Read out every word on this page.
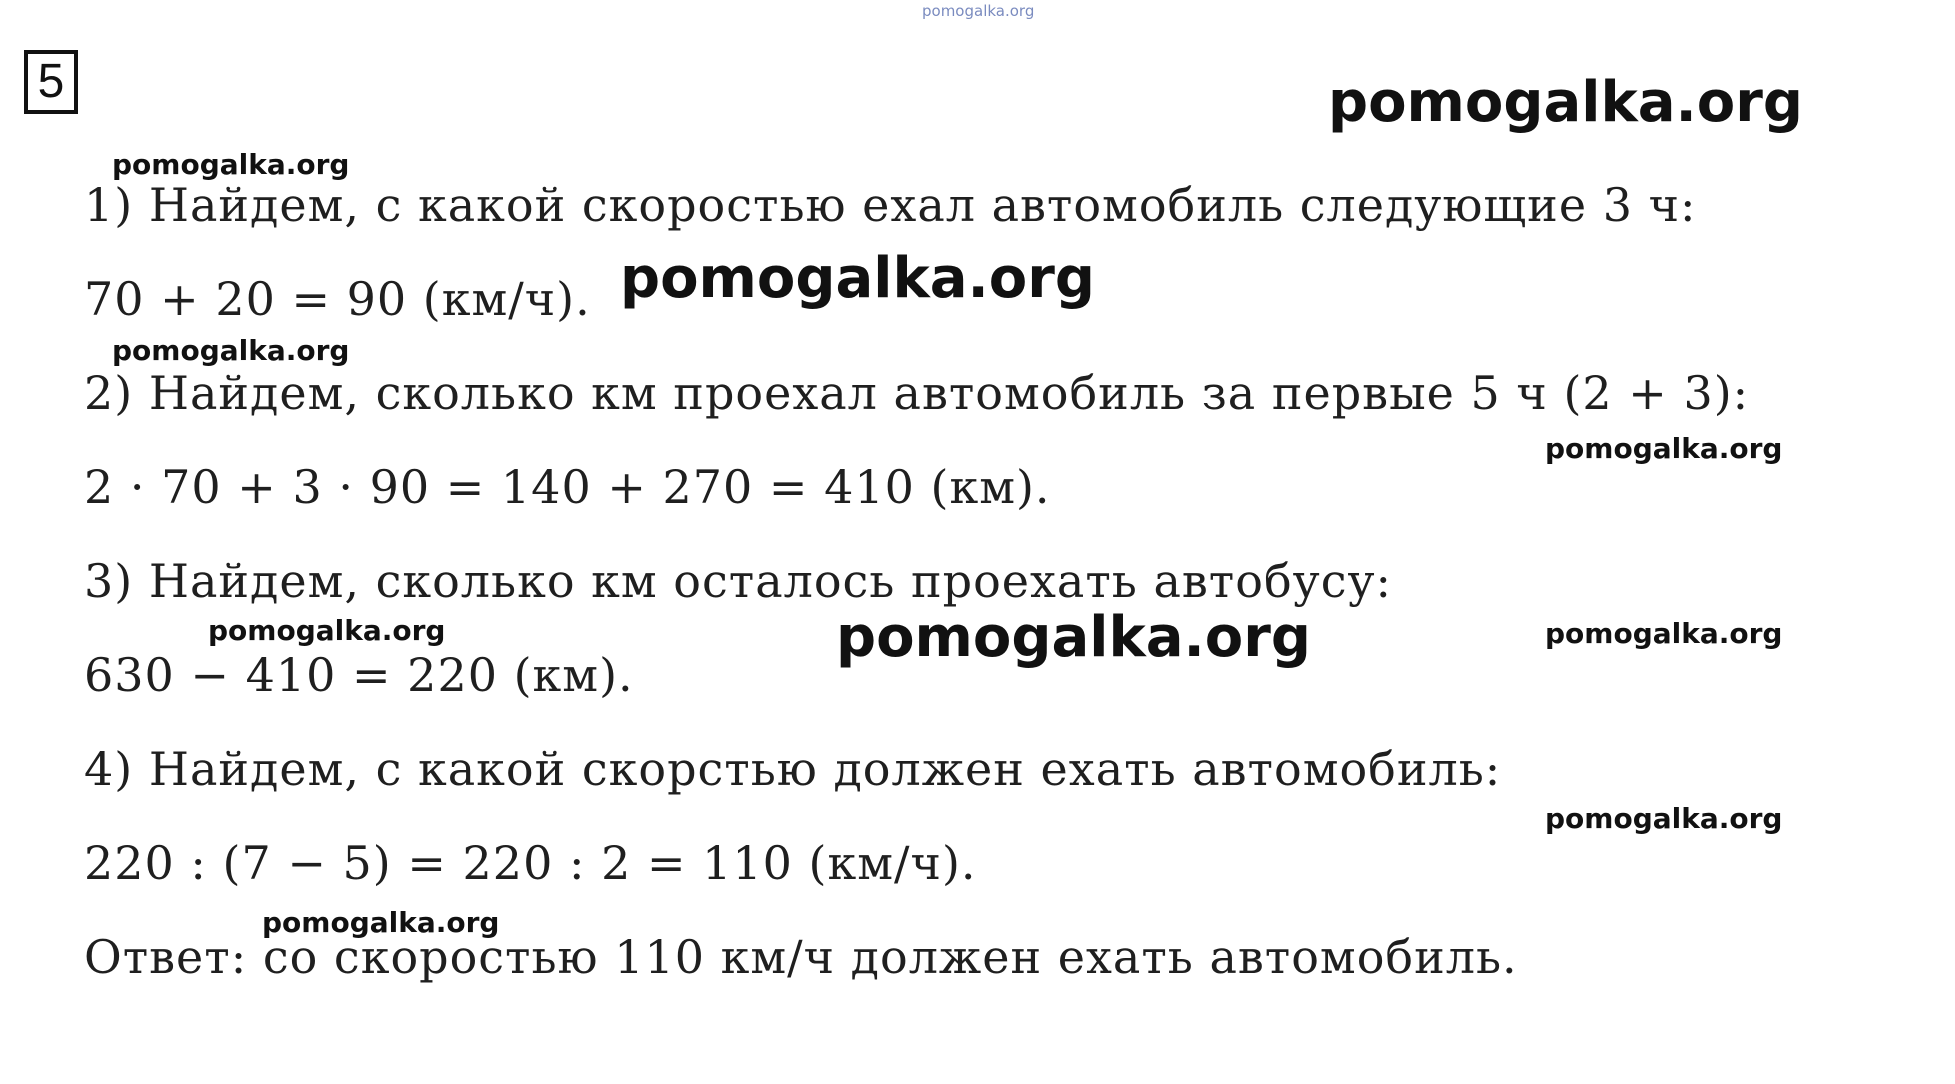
pomogalka.org
5	pomogalka.org
pomogalka.org
pomogalka.org
pomogalka.org
pomogalka.org
pomogalka.org	pomogalka.org	pomogalka.org
pomogalka.org
pomogalka.org
1) Найдем, с какой скоростью ехал автомобиль следующие 3 ч:
70 + 20 = 90 (км/ч).
2) Найдем, сколько км проехал автомобиль за первые 5 ч (2 + 3):
2 · 70 + 3 · 90 = 140 + 270 = 410 (км).
3) Найдем, сколько км осталось проехать автобусу:
630 − 410 = 220 (км).
4) Найдем, с какой скорстью должен ехать автомобиль:
220 : (7 − 5) = 220 : 2 = 110 (км/ч).
Ответ: со скоростью 110 км/ч должен ехать автомобиль.
